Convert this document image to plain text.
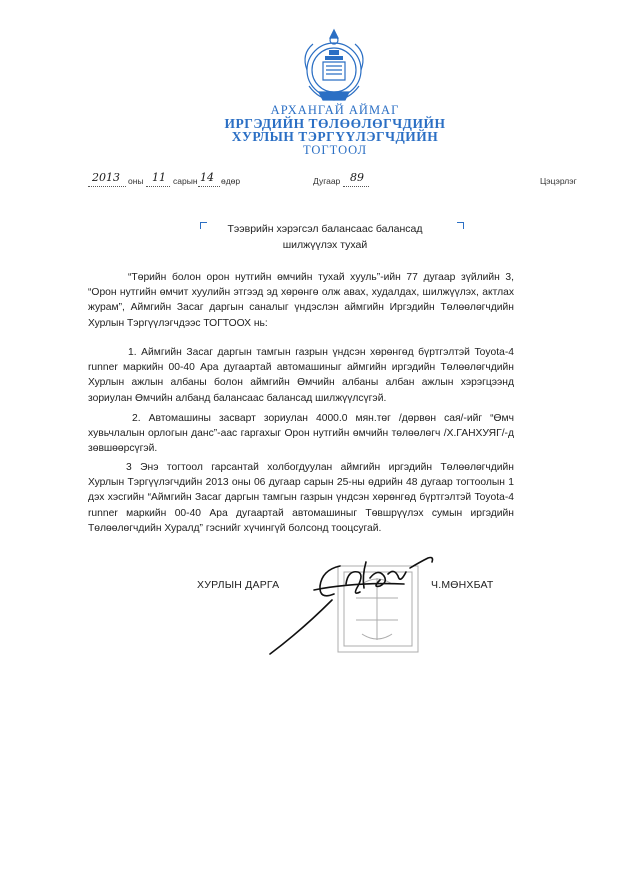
АРХАНГАЙ АЙМАГ
ИРГЭДИЙН ТӨЛӨӨЛӨГЧДИЙН
ХУРЛЫН ТЭРГҮҮЛЭГЧДИЙН
ТОГТООЛ
2013 оны 11 сарын 14 өдөр	Дугаар 89	Цэцэрлэг
Тээврийн хэрэгсэл балансаас балансад
шилжүүлэх тухай
“Төрийн болон орон нутгийн өмчийн тухай хууль”-ийн 77 дугаар зүйлийн 3, “Орон нутгийн өмчит хуулийн этгээд эд хөрөнгө олж авах, худалдах, шилжүүлэх, актлах журам”, Аймгийн Засаг даргын саналыг үндэслэн аймгийн Иргэдийн Төлөөлөгчдийн Хурлын Тэргүүлэгчдээс ТОГТООХ нь:
1. Аймгийн Засаг даргын тамгын газрын үндсэн хөрөнгөд бүртгэлтэй Toyota-4 runner маркийн 00-40 Ара дугаартай автомашиныг аймгийн иргэдийн Төлөөлөгчдийн Хурлын ажлын албаны болон аймгийн Өмчийн албаны албан ажлын хэрэгцээнд зориулан Өмчийн албанд балансаас балансад шилжүүлсүгэй.
2. Автомашины засварт зориулан 4000.0 мян.төг /дөрвөн сая/-ийг “Өмч хувьчлалын орлогын данс”-аас гаргахыг Орон нутгийн өмчийн төлөөлөгч /Х.ГАНХУЯГ/-д зөвшөөрсүгэй.
3 Энэ тогтоол гарсантай холбогдуулан аймгийн иргэдийн Төлөөлөгчдийн Хурлын Тэргүүлэгчдийн 2013 оны 06 дугаар сарын 25-ны өдрийн 48 дугаар тогтоолын 1 дэх хэсгийн “Аймгийн Засаг даргын тамгын газрын үндсэн хөрөнгөд бүртгэлтэй Toyota-4 runner маркийн 00-40 Ара дугаартай автомашиныг Төвшрүүлэх сумын иргэдийн Төлөөлөгчдийн Хуралд” гэснийг хүчингүй болсонд тооцсугай.
ХУРЛЫН ДАРГА	Ч.МӨНХБАТ
